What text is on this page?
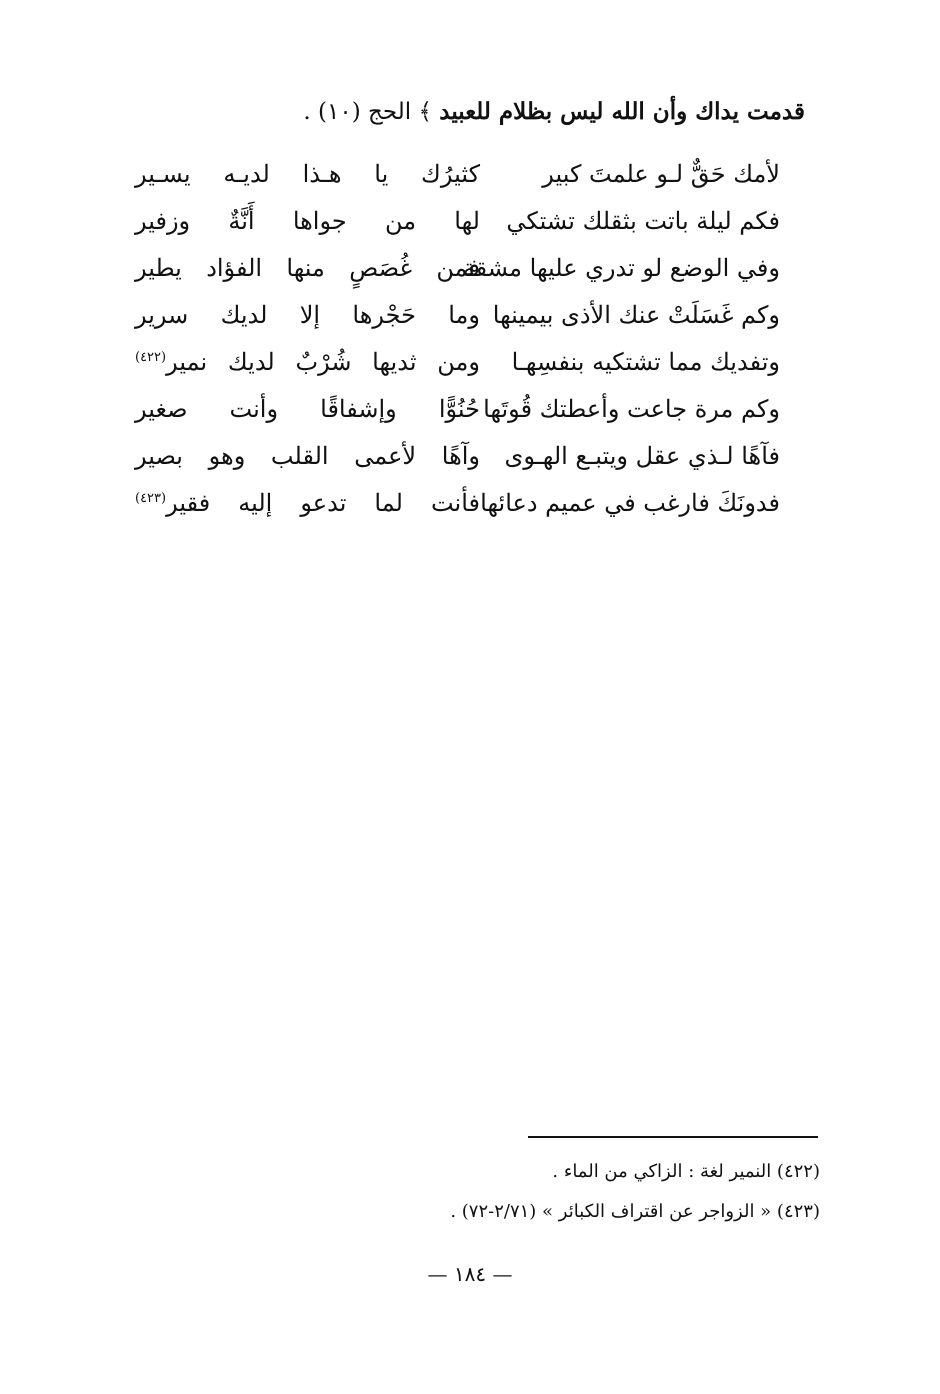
قدمت يداك وأن الله ليس بظلام للعبيد ﴾ الحج (١٠) .
لأمك حَقٌّ لـو علمتَ كبير
كثيرُك يا هـذا لديـه يسـير
فكم ليلة باتت بثقلك تشتكي
لها من جواها أَنَّةٌ وزفير
وفي الوضع لو تدري عليها مشقة
فمن غُصَصٍ منها الفؤاد يطير
وكم غَسَلَتْ عنك الأذى بيمينها
وما حَجْرها إلا لديك سرير
وتفديك مما تشتكيه بنفسِهـا
ومن ثديها شُرْبٌ لديك نمير$^{(٤٢٢)}$
وكم مرة جاعت وأعطتك قُوتَها
حُنُوًّا وإشفاقًا وأنت صغير
فآهًا لـذي عقل ويتبـع الهـوى
وآهًا لأعمى القلب وهو بصير
فدونَكَ فارغب في عميم دعائها
فأنت لما تدعو إليه فقير$^{(٤٢٣)}$
(٤٢٢) النمير لغة : الزاكي من الماء .
(٤٢٣) « الزواجر عن اقتراف الكبائر » (٢/٧١-٧٢) .
— ١٨٤ —
